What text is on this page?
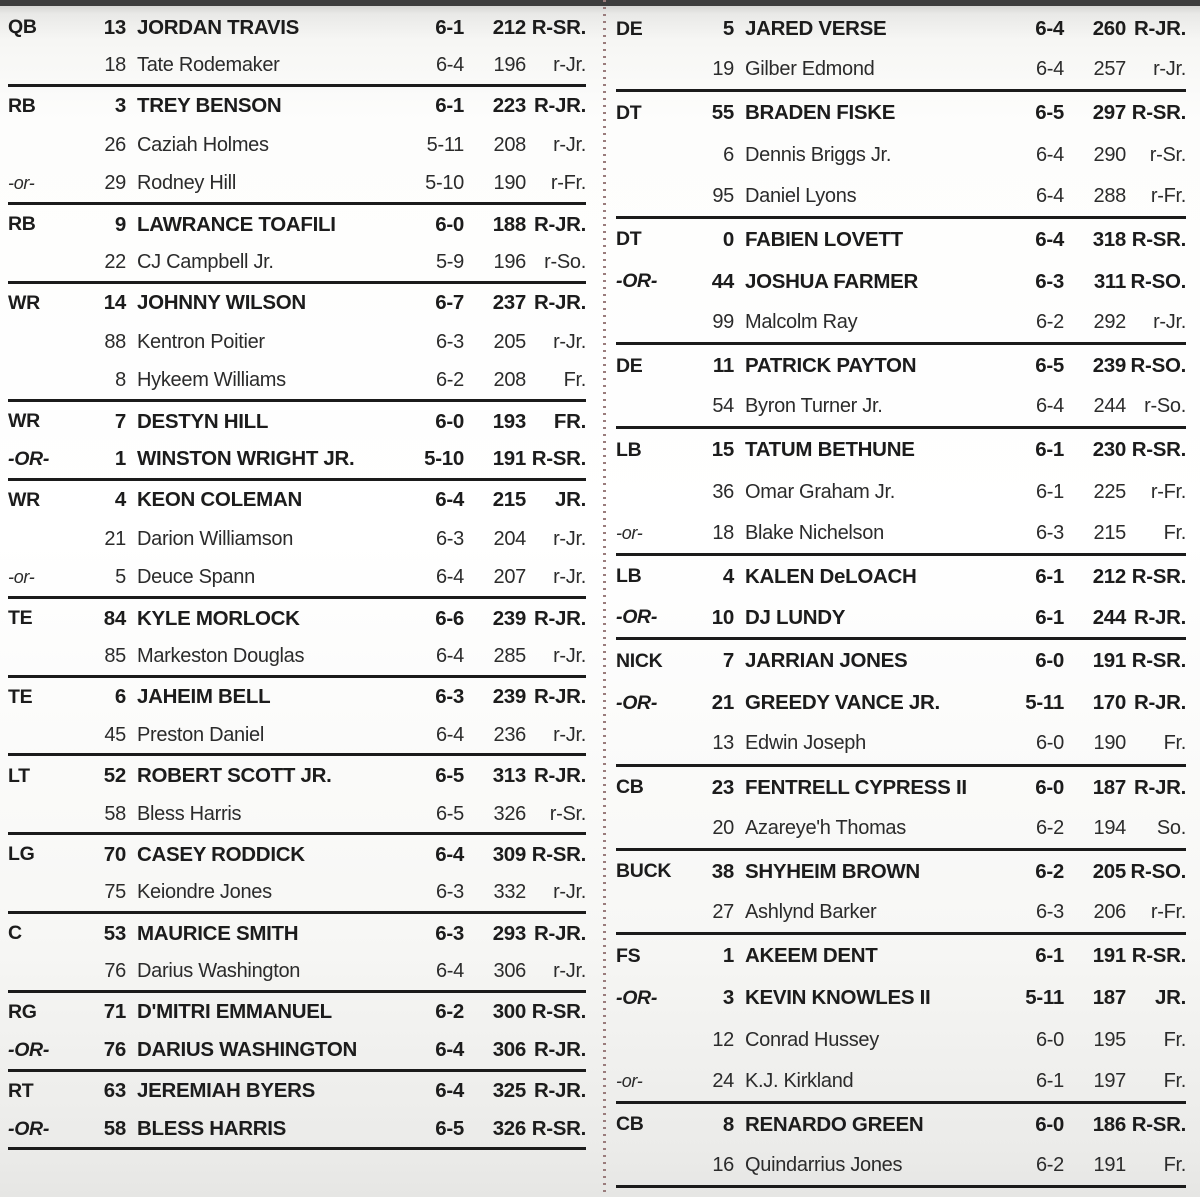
QB	13 JORDAN TRAVIS	6-1	212 R-SR.
18 Tate Rodemaker	6-4	196	r-Jr.
RB	3 TREY BENSON	6-1	223 R-JR.
26 Caziah Holmes	5-11	208	r-Jr.
-or-	29 Rodney Hill	5-10	190	r-Fr.
RB	9 LAWRANCE TOAFILI	6-0	188 R-JR.
22 CJ Campbell Jr.	5-9	196 r-So.
WR	14 JOHNNY WILSON	6-7	237 R-JR.
88 Kentron Poitier	6-3	205	r-Jr.
8 Hykeem Williams	6-2	208	Fr.
WR	7 DESTYN HILL	6-0	193	FR.
-OR-	1 WINSTON WRIGHT JR.	5-10	191 R-SR.
WR	4 KEON COLEMAN	6-4	215	JR.
21 Darion Williamson	6-3	204	r-Jr.
-or-	5 Deuce Spann	6-4	207	r-Jr.
TE	84 KYLE MORLOCK	6-6	239 R-JR.
85 Markeston Douglas	6-4	285	r-Jr.
TE	6 JAHEIM BELL	6-3	239 R-JR.
45 Preston Daniel	6-4	236	r-Jr.
LT	52 ROBERT SCOTT JR.	6-5	313 R-JR.
58 Bless Harris	6-5	326	r-Sr.
LG	70 CASEY RODDICK	6-4	309 R-SR.
75 Keiondre Jones	6-3	332	r-Jr.
C	53 MAURICE SMITH	6-3	293 R-JR.
76 Darius Washington	6-4	306	r-Jr.
RG	71 D'MITRI EMMANUEL	6-2	300 R-SR.
-OR-	76 DARIUS WASHINGTON	6-4	306 R-JR.
RT	63 JEREMIAH BYERS	6-4	325 R-JR.
-OR-	58 BLESS HARRIS	6-5	326 R-SR.
DE	5 JARED VERSE	6-4	260 R-JR.
19 Gilber Edmond	6-4	257	r-Jr.
DT	55 BRADEN FISKE	6-5	297 R-SR.
6 Dennis Briggs Jr.	6-4	290	r-Sr.
95 Daniel Lyons	6-4	288	r-Fr.
DT	0 FABIEN LOVETT	6-4	318 R-SR.
-OR-	44 JOSHUA FARMER	6-3	311 R-SO.
99 Malcolm Ray	6-2	292	r-Jr.
DE	11 PATRICK PAYTON	6-5	239 R-SO.
54 Byron Turner Jr.	6-4	244 r-So.
LB	15 TATUM BETHUNE	6-1	230 R-SR.
36 Omar Graham Jr.	6-1	225	r-Fr.
-or-	18 Blake Nichelson	6-3	215	Fr.
LB	4 KALEN DeLOACH	6-1	212 R-SR.
-OR-	10 DJ LUNDY	6-1	244 R-JR.
NICK	7 JARRIAN JONES	6-0	191 R-SR.
-OR-	21 GREEDY VANCE JR.	5-11	170 R-JR.
13 Edwin Joseph	6-0	190	Fr.
CB	23 FENTRELL CYPRESS II	6-0	187 R-JR.
20 Azareye'h Thomas	6-2	194	So.
BUCK	38 SHYHEIM BROWN	6-2	205 R-SO.
27 Ashlynd Barker	6-3	206	r-Fr.
FS	1 AKEEM DENT	6-1	191 R-SR.
-OR-	3 KEVIN KNOWLES II	5-11	187	JR.
12 Conrad Hussey	6-0	195	Fr.
-or-	24 K.J. Kirkland	6-1	197	Fr.
CB	8 RENARDO GREEN	6-0	186 R-SR.
16 Quindarrius Jones	6-2	191	Fr.
